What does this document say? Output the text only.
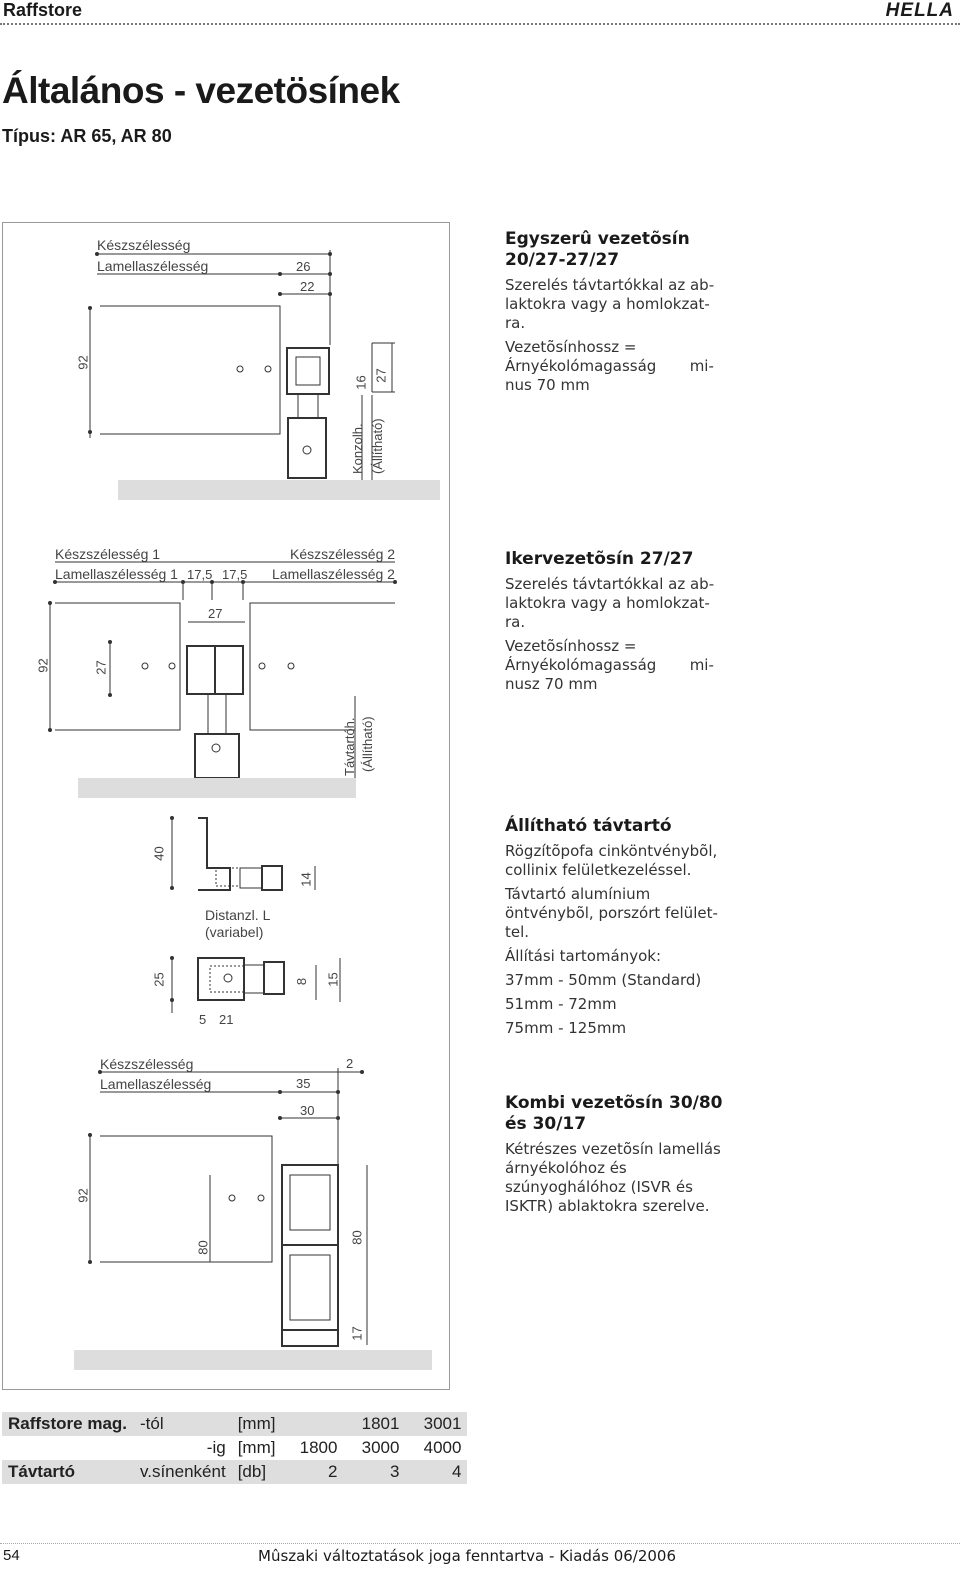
Raffstore	HELLA
Általános - vezetösínek
Típus: AR 65, AR 80
Készszélesség
Lamellaszélesség	26
22
92
16 27
Konzolh. (Állítható)
Készszélesség 1
Lamellaszélesség 1
Készszélesség 2
Lamellaszélesség 2
17,5 17,5
27
92	27
Távtartóh. (Állítható)
40
14
Distanzl. L
(variabel)
25	8 15
5 21
Készszélesség
Lamellaszélesség
2
35
30
92
80
80
17
Egyszerû vezetõsín
20/27-27/27

Szerelés távtartókkal az ab-
laktokra vagy a homlokzat-
ra.

Vezetõsínhossz =
Árnyékolómagasság       mi-
nus 70 mm

Ikervezetõsín 27/27

Szerelés távtartókkal az ab-
laktokra vagy a homlokzat-
ra.

Vezetõsínhossz =
Árnyékolómagasság       mi-
nusz 70 mm

Állítható távtartó

Rögzítõpofa cinköntvénybõl,
collinix felületkezeléssel.

Távtartó alumínium
öntvénybõl, porszórt felület-
tel.

Állítási tartományok:

37mm - 50mm (Standard)

51mm - 72mm

75mm - 125mm

Kombi vezetõsín 30/80
és 30/17

Kétrészes vezetõsín lamellás
árnyékolóhoz és
szúnyoghálóhoz (ISVR és
ISKTR) ablaktokra szerelve.

Raffstore mag.	-tól	[mm]		1801	3001
	-ig	[mm]	1800	3000	4000
Távtartó	v.sínenként	[db]	2	3	4
54	Mûszaki változtatások joga fenntartva - Kiadás 06/2006
